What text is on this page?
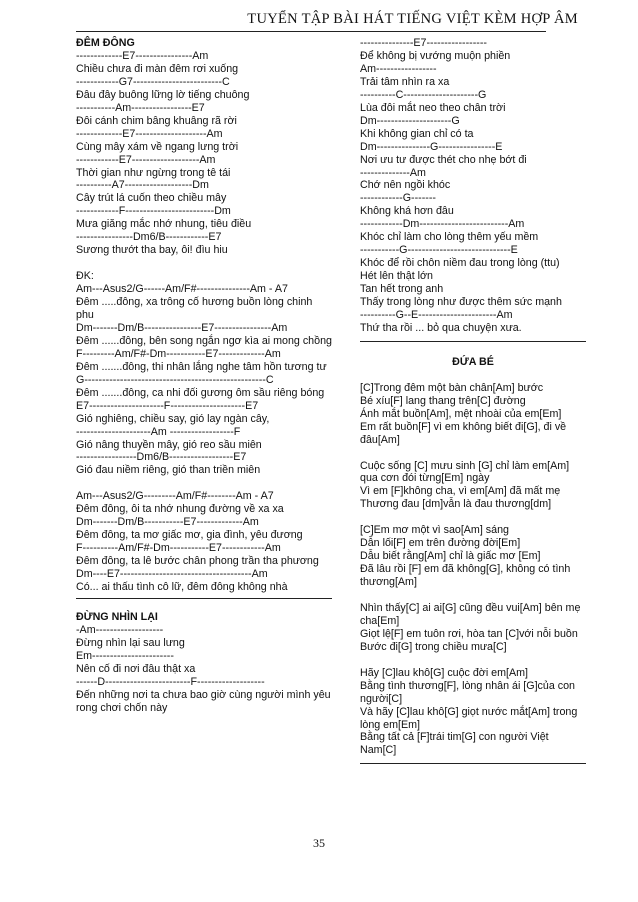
TUYỂN TẬP BÀI HÁT TIẾNG VIỆT KÈM HỢP ÂM
ĐÊM ĐÔNG
-------------E7----------------Am
Chiều chưa đi màn đêm rơi xuống
------------G7-------------------------C
Đâu đây buông lững lờ tiếng chuông
-----------Am-----------------E7
Đôi cánh chim bâng khuâng rã rời
-------------E7--------------------Am
Cùng mây xám về ngang lưng trời
------------E7-------------------Am
Thời gian như ngừng trong tê tái
----------A7-------------------Dm
Cây trút lá cuốn theo chiều mây
------------F-------------------------Dm
Mưa giăng mắc nhớ nhung, tiêu điều
----------------Dm6/B------------E7
Sương thướt tha bay, ôi! đìu hiu
ĐK:
Am---Asus2/G------Am/F#---------------Am - A7
Đêm .....đông, xa trông cố hương buồn lòng chinh phu
Dm-------Dm/B----------------E7----------------Am
Đêm ......đông, bên song ngắn ngơ kìa ai mong chồng
F---------Am/F#-Dm-----------E7-------------Am
Đêm .......đông, thi nhân lắng nghe tâm hồn tương tư
G---------------------------------------------------C
Đêm .......đông, ca nhi đối gương ôm sầu riêng bóng
E7---------------------F---------------------E7
Gió nghiêng, chiều say, gió lay ngàn cây,
---------------------Am ------------------F
Gió nâng thuyền mây, gió reo sầu miên
-----------------Dm6/B------------------E7
Gió đau niềm riêng, gió than triền miên
Am---Asus2/G---------Am/F#--------Am - A7
Đêm đông, ôi ta nhớ nhung đường về xa xa
Dm-------Dm/B-----------E7-------------Am
Đêm đông, ta mơ giấc mơ, gia đình, yêu đương
F----------Am/F#-Dm-----------E7------------Am
Đêm đông, ta lê bước chân phong trần tha phương
Dm----E7-------------------------------------Am
Có... ai thấu tình cô lữ, đêm đông không nhà
ĐỪNG NHÌN LẠI
-Am-------------------
Đừng nhìn lại sau lưng
Em-----------------------
Nên cố đi nơi đâu thật xa
------D------------------------F-------------------
Đến những nơi ta chưa bao giờ cùng người mình yêu rong chơi chốn này
---------------E7-----------------
Để không bị vướng muộn phiền
Am-----------------
Trải tâm nhìn ra xa
----------C---------------------G
Lùa đôi mắt neo theo chân trời
Dm---------------------G
Khi không gian chỉ có ta
Dm---------------G----------------E
Nơi ưu tư được thét cho nhẹ bớt đi
--------------Am
Chớ nên ngồi khóc
------------G-------
Không khá hơn đâu
------------Dm-------------------------Am
Khóc chỉ làm cho lòng thêm yếu mềm
-----------G-----------------------------E
Khóc để rồi chôn niềm đau trong lòng (ttu)
Hét lên thật lớn
Tan hết trong anh
Thấy trong lòng như được thêm sức mạnh
----------G--E----------------------Am
Thứ tha rồi ... bỏ qua chuyện xưa.
ĐỨA BÉ
[C]Trong đêm một bàn chân[Am] bước
Bé xíu[F] lang thang trên[C] đường
Ánh mắt buồn[Am], mệt nhoài của em[Em]
Em rất buồn[F] vì em không biết đi[G], đi về đâu[Am]
Cuộc sống [C] mưu sinh [G] chỉ làm em[Am] qua cơn đói từng[Em] ngày
Vì em [F]không cha, vì em[Am] đã mất mẹ
Thương đau [dm]vẫn là đau thương[dm]
[C]Em mơ một vì sao[Am] sáng
Dẫn lối[F] em trên đường đời[Em]
Dẫu biết rằng[Am] chỉ là giấc mơ [Em]
Đã lâu rồi [F] em đã không[G], không có tình thương[Am]
Nhìn thấy[C] ai ai[G] cũng đều vui[Am] bên mẹ cha[Em]
Giọt lệ[F] em tuôn rơi, hòa tan [C]với nỗi buồn
Bước đi[G] trong chiều mưa[C]
Hãy [C]lau khô[G] cuộc đời em[Am]
Bằng tình thương[F], lòng nhân ái [G]của con người[C]
Và hãy [C]lau khô[G] giọt nước mắt[Am] trong lòng em[Em]
Bằng tất cả [F]trái tim[G] con người Việt Nam[C]
35
